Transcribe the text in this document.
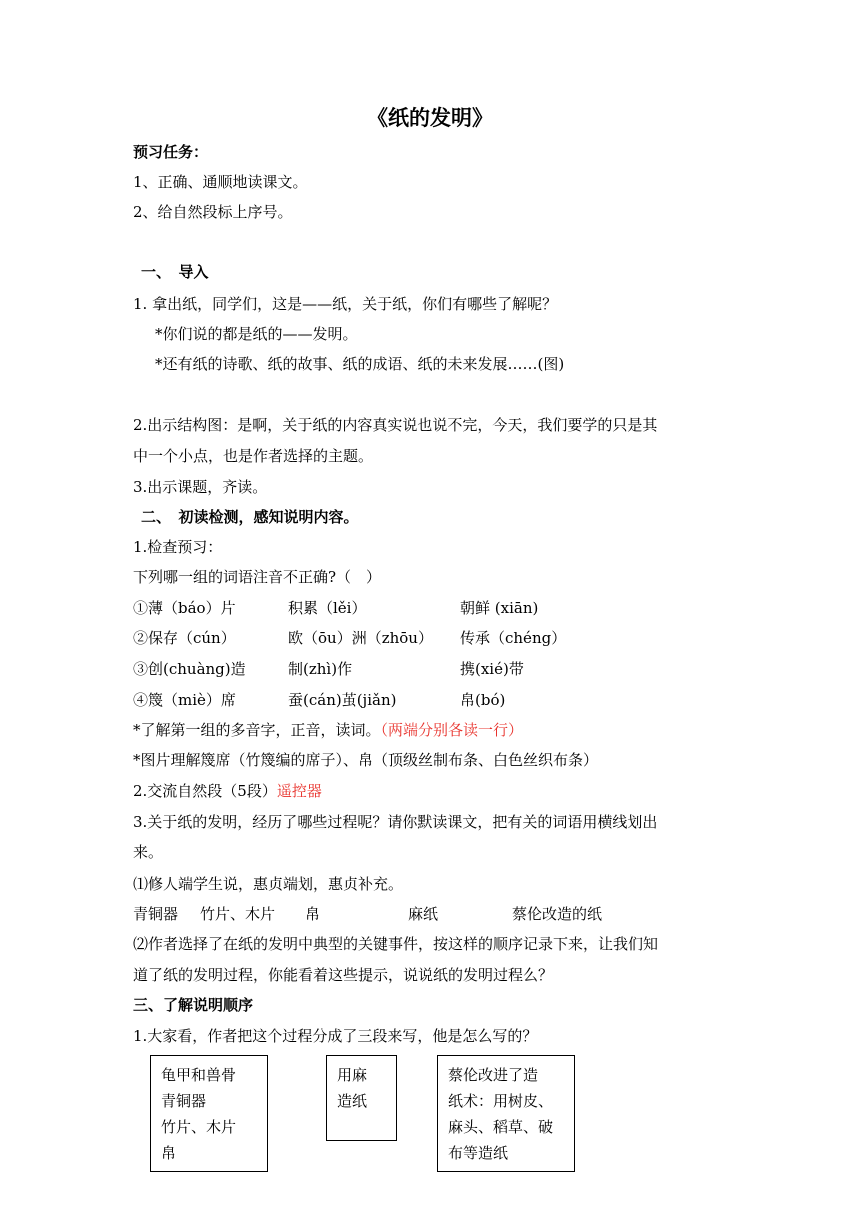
《纸的发明》
预习任务：
1、正确、通顺地读课文。
2、给自然段标上序号。
一、　导入
1. 拿出纸，同学们，这是——纸，关于纸，你们有哪些了解呢？
*你们说的都是纸的——发明。
*还有纸的诗歌、纸的故事、纸的成语、纸的未来发展……(图)
2.出示结构图：是啊，关于纸的内容真实说也说不完，今天，我们要学的只是其
中一个小点，也是作者选择的主题。
3.出示课题，齐读。
二、　初读检测，感知说明内容。
1.检查预习：
下列哪一组的词语注音不正确?（　）
①薄（báo）片	积累（lěi）	朝鲜 (xiān)
②保存（cún）	欧（ōu）洲（zhōu） 传承（chéng）
③创(chuàng)造	制(zhì)作	携(xié)带
④篾（miè）席	蚕(cán)茧(jiǎn)	帛(bó)
*了解第一组的多音字，正音，读词。（两端分别各读一行）
*图片理解篾席（竹篾编的席子）、帛（顶级丝制布条、白色丝织布条）
2.交流自然段（5段）遥控器
3.关于纸的发明，经历了哪些过程呢？请你默读课文，把有关的词语用横线划出
来。
⑴修人端学生说，惠贞端划，惠贞补充。
青铜器 竹片、木片 帛	麻纸	蔡伦改造的纸
⑵作者选择了在纸的发明中典型的关键事件，按这样的顺序记录下来，让我们知
道了纸的发明过程，你能看着这些提示，说说纸的发明过程么？
三、了解说明顺序
1.大家看，作者把这个过程分成了三段来写，他是怎么写的？
龟甲和兽骨
青铜器
竹片、木片
帛
用麻
造纸
蔡伦改进了造
纸术：用树皮、
麻头、稻草、破
布等造纸
